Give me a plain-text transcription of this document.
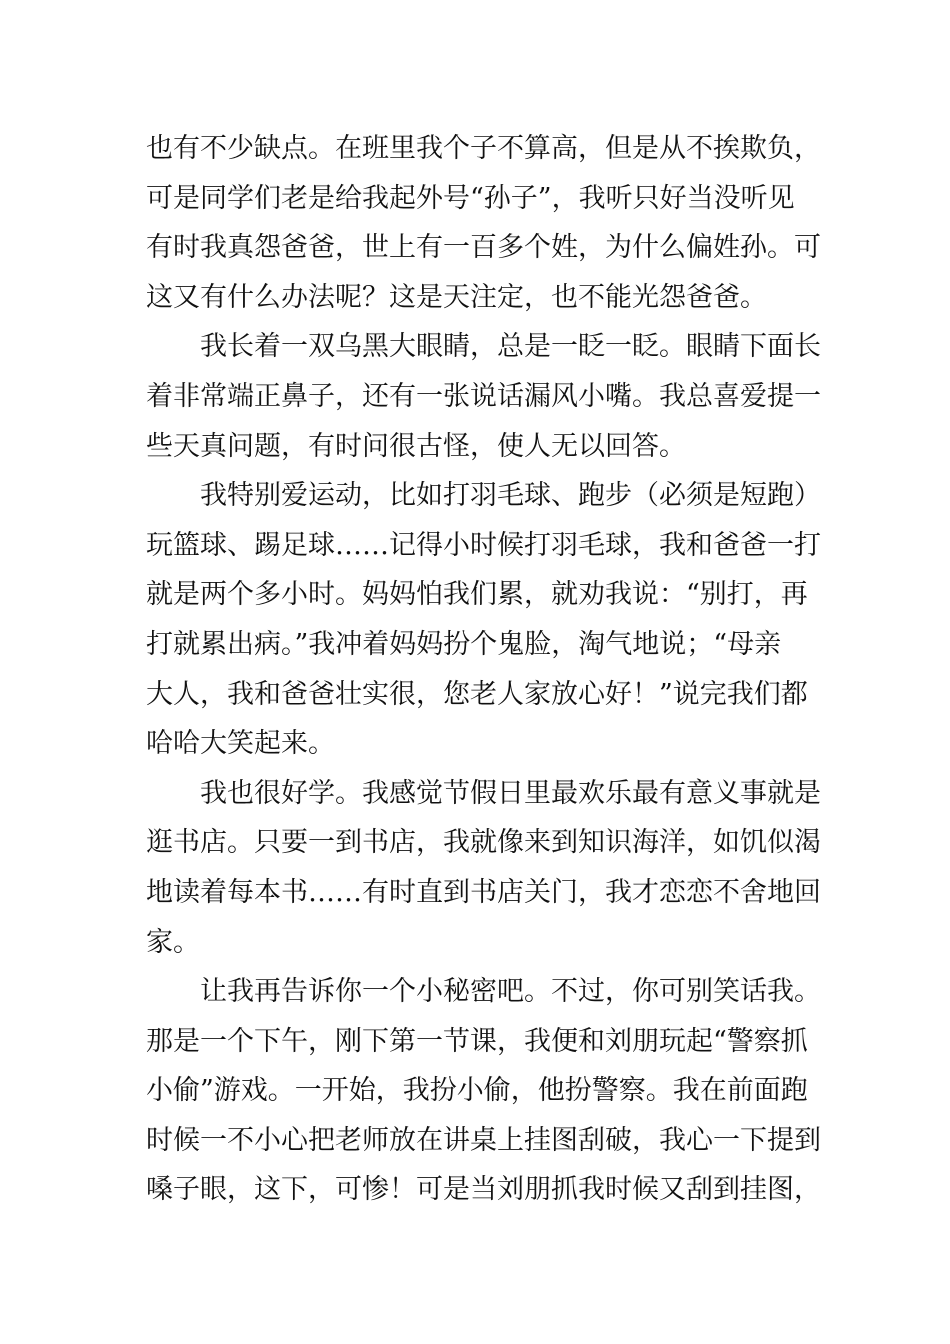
也有不少缺点。在班里我个子不算高，但是从不挨欺负，
可是同学们老是给我起外号“孙子”，我听只好当没听见
有时我真怨爸爸，世上有一百多个姓，为什么偏姓孙。可
这又有什么办法呢？这是天注定，也不能光怨爸爸。
我长着一双乌黑大眼睛，总是一眨一眨。眼睛下面长
着非常端正鼻子，还有一张说话漏风小嘴。我总喜爱提一
些天真问题，有时问很古怪，使人无以回答。
我特别爱运动，比如打羽毛球、跑步（必须是短跑）
玩篮球、踢足球……记得小时候打羽毛球，我和爸爸一打
就是两个多小时。妈妈怕我们累，就劝我说：“别打，再
打就累出病。”我冲着妈妈扮个鬼脸，淘气地说；“母亲
大人，我和爸爸壮实很，您老人家放心好！”说完我们都
哈哈大笑起来。
我也很好学。我感觉节假日里最欢乐最有意义事就是
逛书店。只要一到书店，我就像来到知识海洋，如饥似渴
地读着每本书……有时直到书店关门，我才恋恋不舍地回
家。
让我再告诉你一个小秘密吧。不过，你可别笑话我。
那是一个下午，刚下第一节课，我便和刘朋玩起“警察抓
小偷”游戏。一开始，我扮小偷，他扮警察。我在前面跑
时候一不小心把老师放在讲桌上挂图刮破，我心一下提到
嗓子眼，这下，可惨！可是当刘朋抓我时候又刮到挂图，
